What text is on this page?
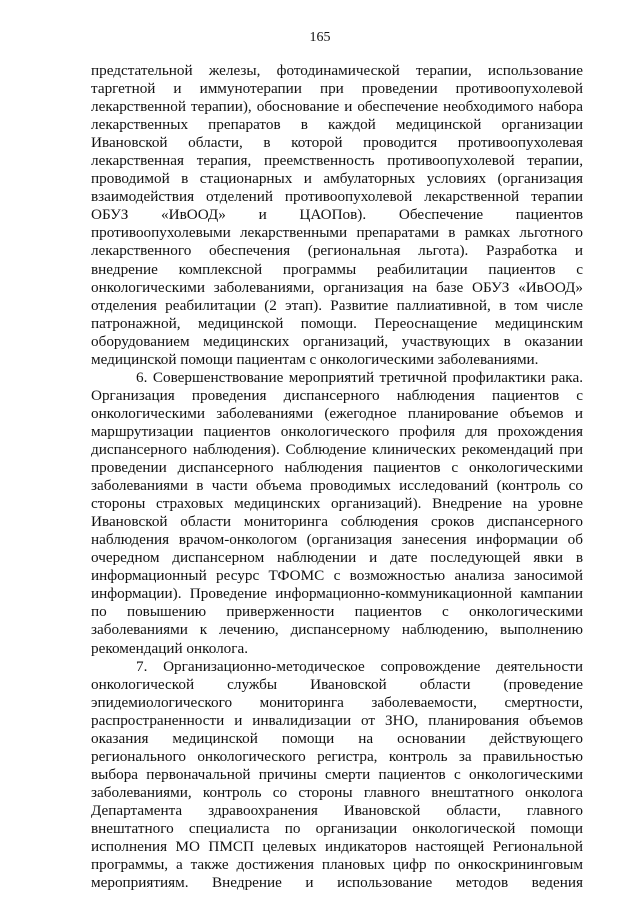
165

предстательной железы, фотодинамической терапии, использование
таргетной и иммунотерапии при проведении противоопухолевой
лекарственной терапии), обоснование и обеспечение необходимого набора
лекарственных препаратов в каждой медицинской организации
Ивановской области, в которой проводится противоопухолевая
лекарственная терапия, преемственность противоопухолевой терапии,
проводимой в стационарных и амбулаторных условиях (организация
взаимодействия отделений противоопухолевой лекарственной терапии
ОБУЗ «ИвООД» и ЦАОПов). Обеспечение пациентов
противоопухолевыми лекарственными препаратами в рамках льготного
лекарственного обеспечения (региональная льгота). Разработка и
внедрение комплексной программы реабилитации пациентов с
онкологическими заболеваниями, организация на базе ОБУЗ «ИвООД»
отделения реабилитации (2 этап). Развитие паллиативной, в том числе
патронажной, медицинской помощи. Переоснащение медицинским
оборудованием медицинских организаций, участвующих в оказании
медицинской помощи пациентам с онкологическими заболеваниями.

6. Совершенствование мероприятий третичной профилактики рака.
Организация проведения диспансерного наблюдения пациентов с
онкологическими заболеваниями (ежегодное планирование объемов и
маршрутизации пациентов онкологического профиля для прохождения
диспансерного наблюдения). Соблюдение клинических рекомендаций при
проведении диспансерного наблюдения пациентов с онкологическими
заболеваниями в части объема проводимых исследований (контроль со
стороны страховых медицинских организаций). Внедрение на уровне
Ивановской области мониторинга соблюдения сроков диспансерного
наблюдения врачом-онкологом (организация занесения информации об
очередном диспансерном наблюдении и дате последующей явки в
информационный ресурс ТФОМС с возможностью анализа заносимой
информации). Проведение информационно-коммуникационной кампании
по повышению приверженности пациентов с онкологическими
заболеваниями к лечению, диспансерному наблюдению, выполнению
рекомендаций онколога.

7. Организационно-методическое сопровождение деятельности
онкологической службы Ивановской области (проведение
эпидемиологического мониторинга заболеваемости, смертности,
распространенности и инвалидизации от ЗНО, планирования объемов
оказания медицинской помощи на основании действующего
регионального онкологического регистра, контроль за правильностью
выбора первоначальной причины смерти пациентов с онкологическими
заболеваниями, контроль со стороны главного внештатного онколога
Департамента здравоохранения Ивановской области, главного
внештатного специалиста по организации онкологической помощи
исполнения МО ПМСП целевых индикаторов настоящей Региональной
программы, а также достижения плановых цифр по онкоскрининговым
мероприятиям. Внедрение и использование методов ведения
